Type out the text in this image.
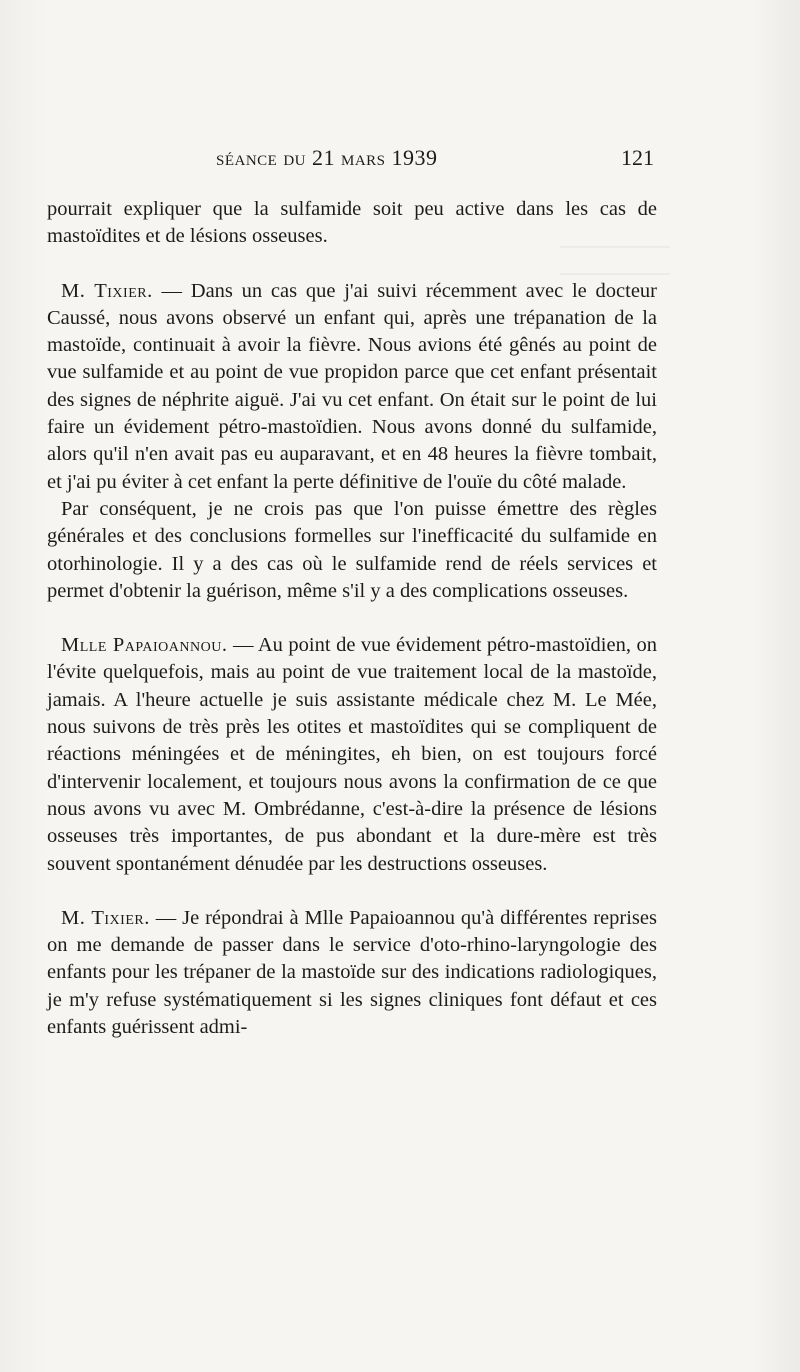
séance du 21 mars 1939	121

pourrait expliquer que la sulfamide soit peu active dans les cas de mastoïdites et de lésions osseuses.

M. Tixier. — Dans un cas que j'ai suivi récemment avec le docteur Caussé, nous avons observé un enfant qui, après une trépanation de la mastoïde, continuait à avoir la fièvre. Nous avions été gênés au point de vue sulfamide et au point de vue propidon parce que cet enfant présentait des signes de néphrite aiguë. J'ai vu cet enfant. On était sur le point de lui faire un évidement pétro-mastoïdien. Nous avons donné du sulfamide, alors qu'il n'en avait pas eu auparavant, et en 48 heures la fièvre tombait, et j'ai pu éviter à cet enfant la perte définitive de l'ouïe du côté malade.

Par conséquent, je ne crois pas que l'on puisse émettre des règles générales et des conclusions formelles sur l'inefficacité du sulfamide en otorhinologie. Il y a des cas où le sulfamide rend de réels services et permet d'obtenir la guérison, même s'il y a des complications osseuses.

Mlle Papaioannou. — Au point de vue évidement pétro-mastoïdien, on l'évite quelquefois, mais au point de vue traitement local de la mastoïde, jamais. A l'heure actuelle je suis assistante médicale chez M. Le Mée, nous suivons de très près les otites et mastoïdites qui se compliquent de réactions méningées et de méningites, eh bien, on est toujours forcé d'intervenir localement, et toujours nous avons la confirmation de ce que nous avons vu avec M. Ombrédanne, c'est-à-dire la présence de lésions osseuses très importantes, de pus abondant et la dure-mère est très souvent spontanément dénudée par les destructions osseuses.

M. Tixier. — Je répondrai à Mlle Papaioannou qu'à différentes reprises on me demande de passer dans le service d'oto-rhino-laryngologie des enfants pour les trépaner de la mastoïde sur des indications radiologiques, je m'y refuse systématiquement si les signes cliniques font défaut et ces enfants guérissent admi-
